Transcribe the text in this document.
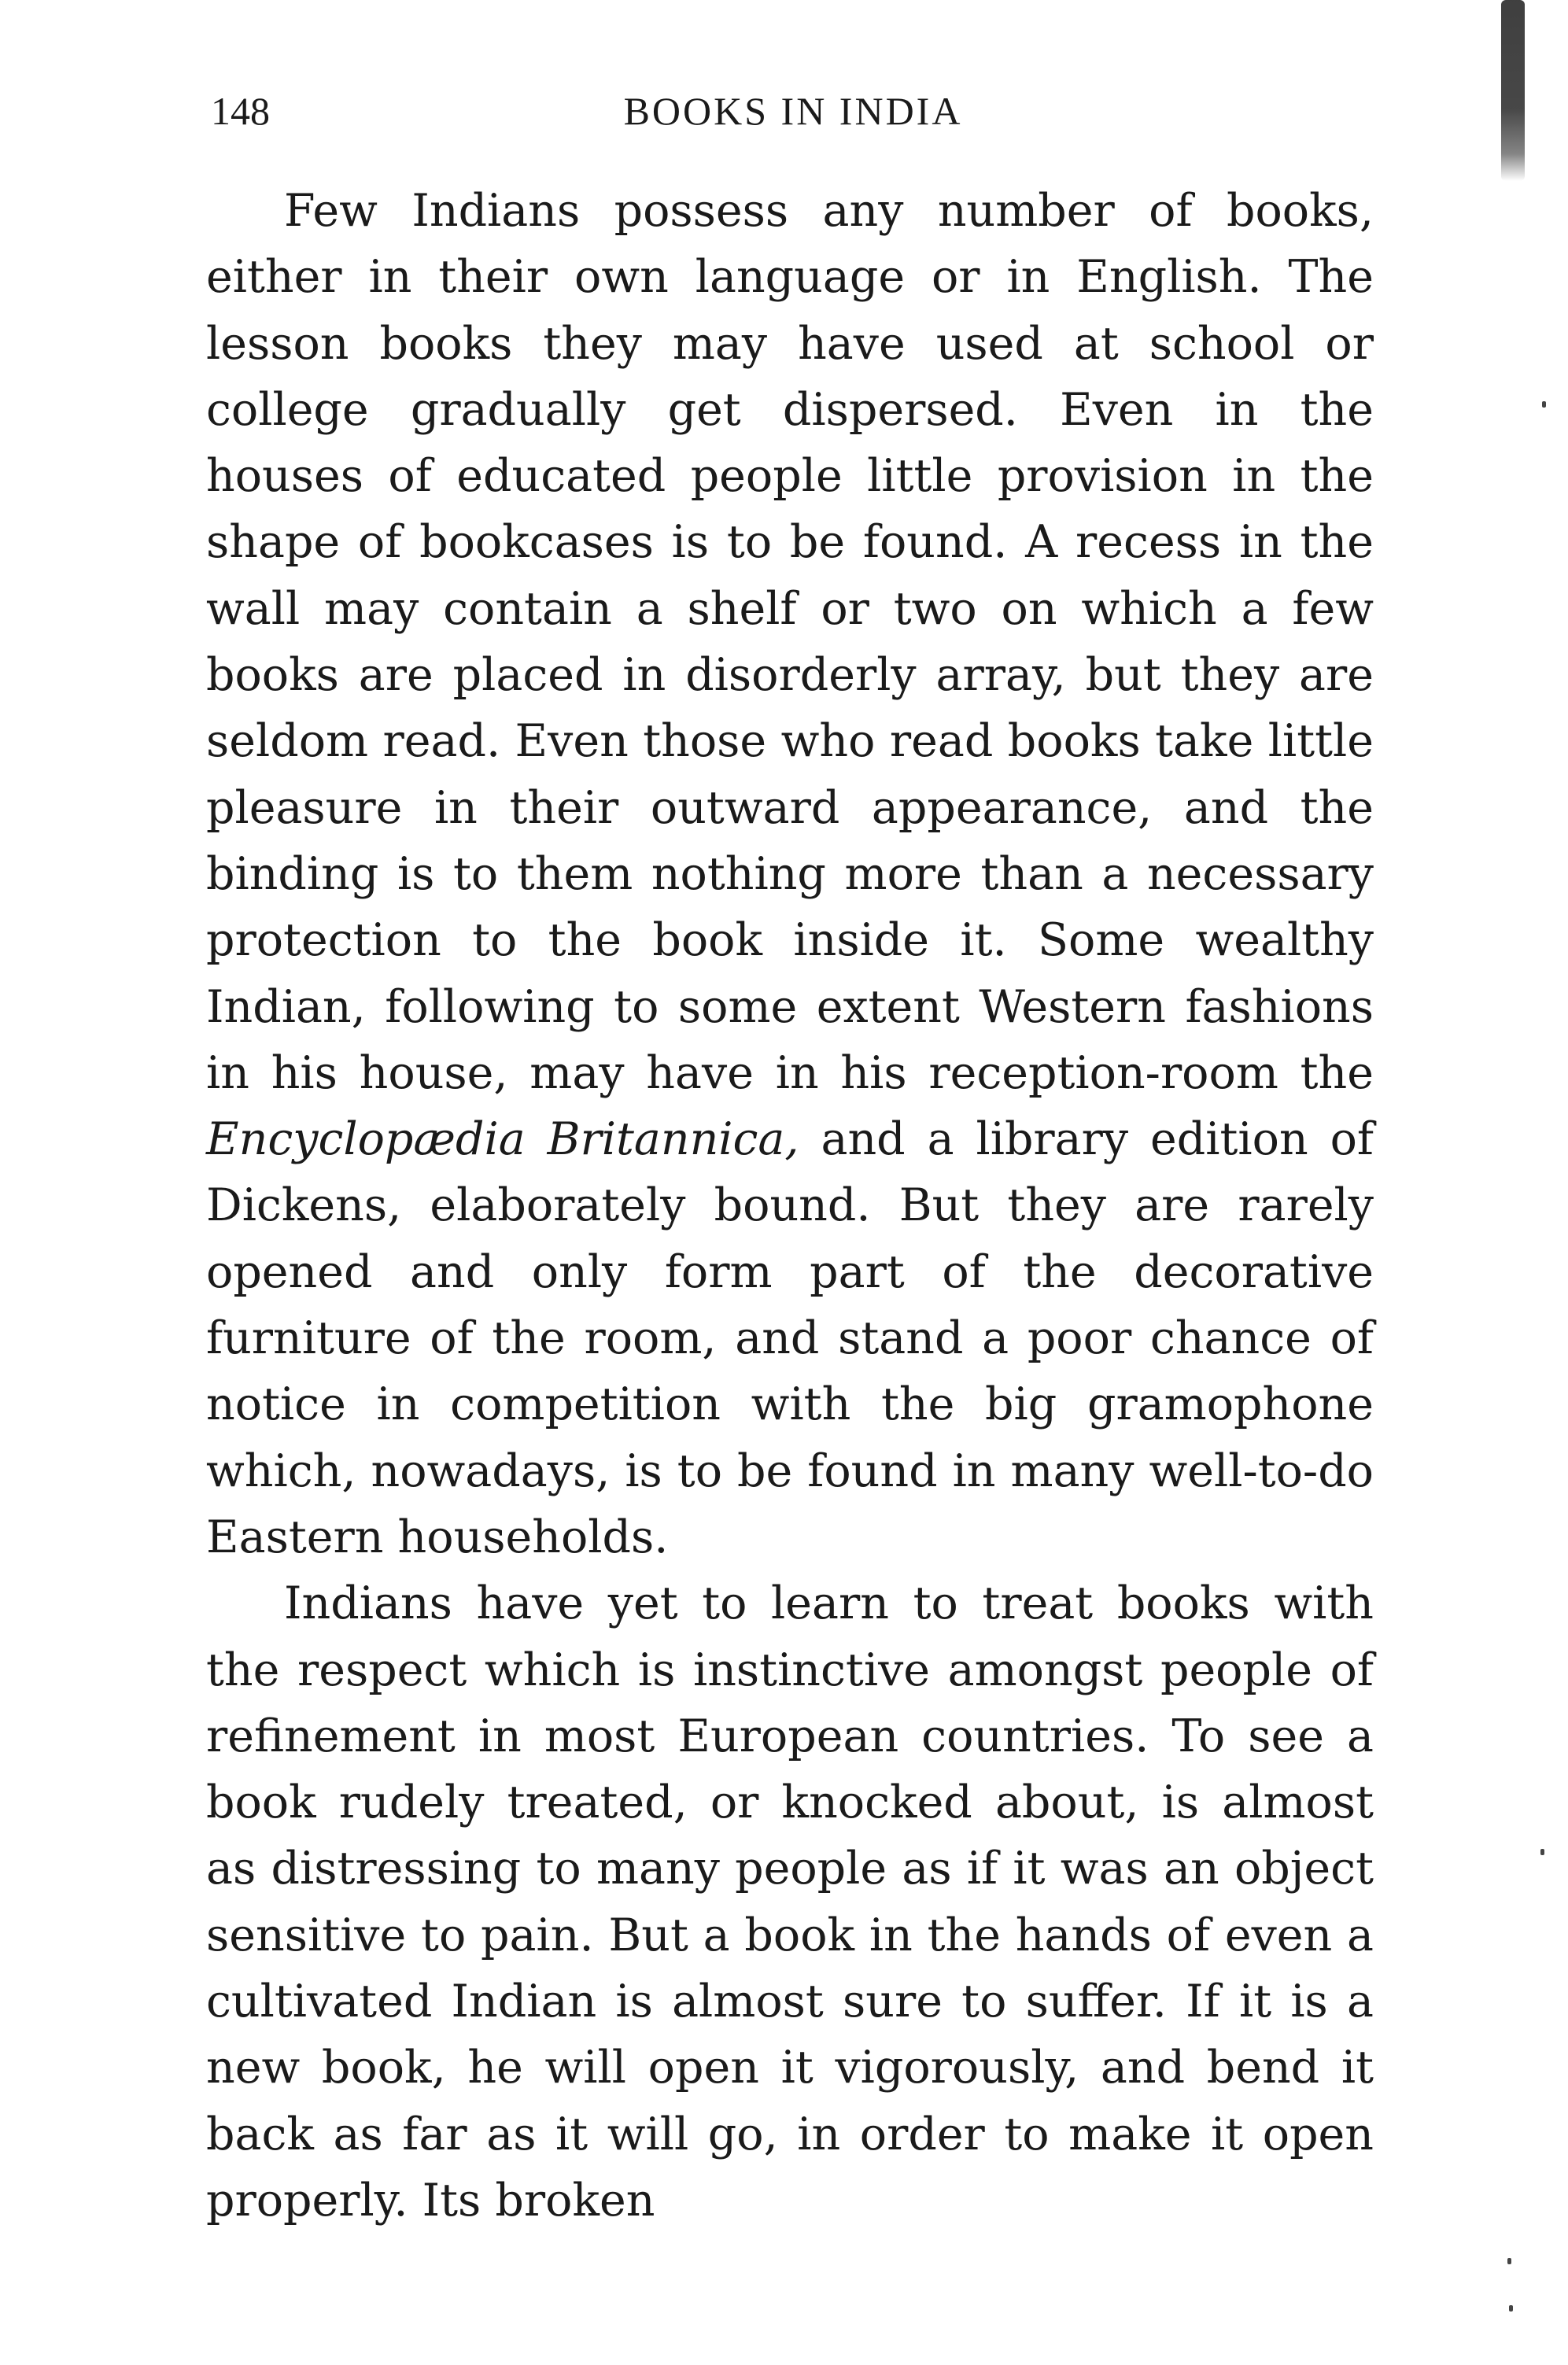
148	BOOKS IN INDIA

Few Indians possess any number of books, either in their own language or in English. The lesson books they may have used at school or college gradually get dispersed. Even in the houses of educated people little provision in the shape of bookcases is to be found. A recess in the wall may contain a shelf or two on which a few books are placed in disorderly array, but they are seldom read. Even those who read books take little pleasure in their outward appearance, and the binding is to them nothing more than a necessary protection to the book inside it. Some wealthy Indian, following to some extent Western fashions in his house, may have in his reception-room the Encyclopædia Britannica, and a library edition of Dickens, elaborately bound. But they are rarely opened and only form part of the decorative furniture of the room, and stand a poor chance of notice in competition with the big gramophone which, nowadays, is to be found in many well-to-do Eastern households.

Indians have yet to learn to treat books with the respect which is instinctive amongst people of refinement in most European countries. To see a book rudely treated, or knocked about, is almost as distressing to many people as if it was an object sensitive to pain. But a book in the hands of even a cultivated Indian is almost sure to suffer. If it is a new book, he will open it vigorously, and bend it back as far as it will go, in order to make it open properly. Its broken
